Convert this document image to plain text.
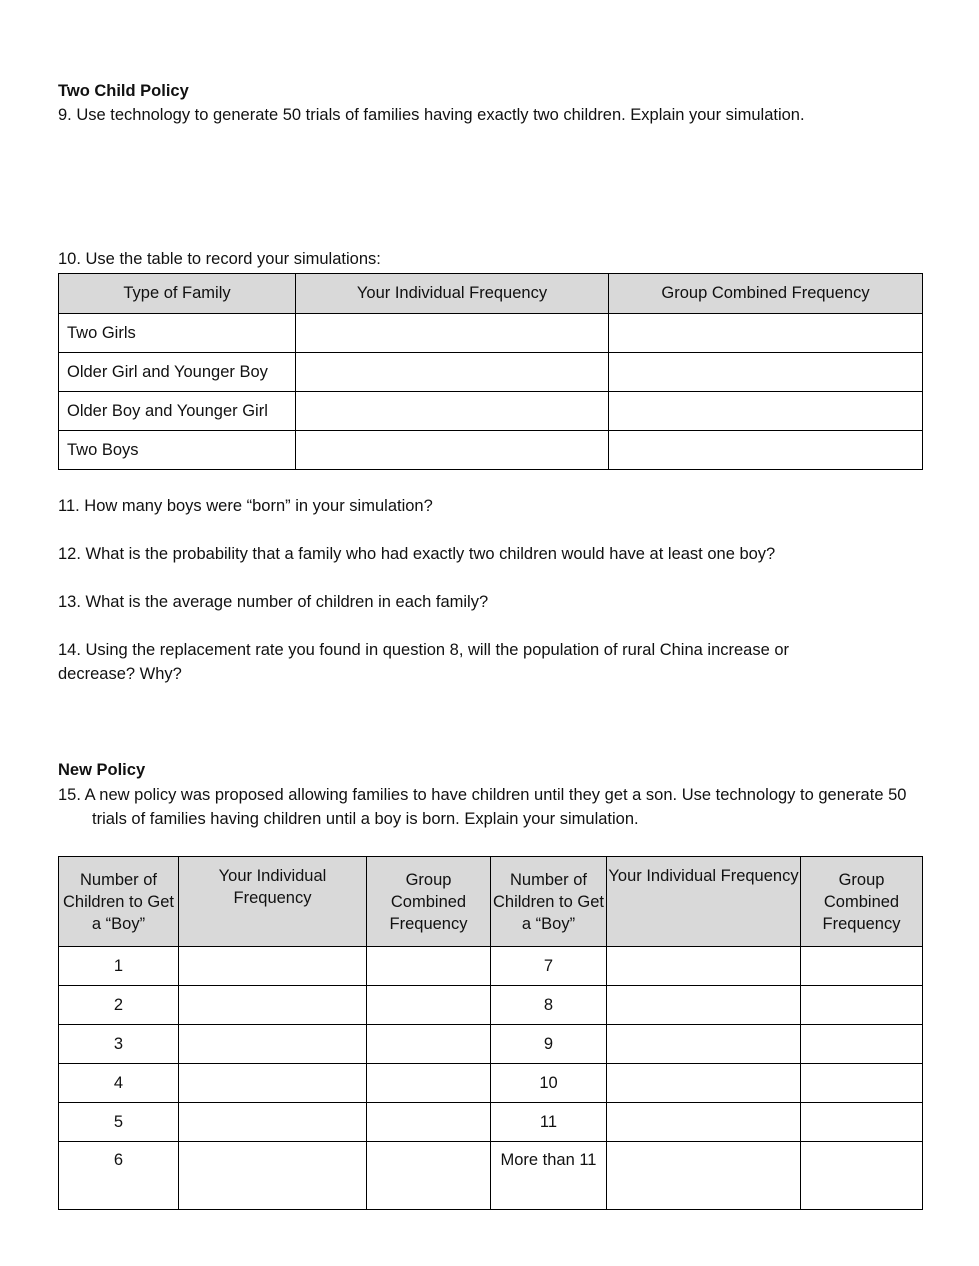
Two Child Policy
9. Use technology to generate 50 trials of families having exactly two children. Explain your simulation.
10. Use the table to record your simulations:
Type of Family	Your Individual Frequency	Group Combined Frequency
Two Girls		
Older Girl and Younger Boy		
Older Boy and Younger Girl		
Two Boys		
11. How many boys were “born” in your simulation?
12. What is the probability that a family who had exactly two children would have at least one boy?
13. What is the average number of children in each family?
14. Using the replacement rate you found in question 8, will the population of rural China increase or
decrease? Why?
New Policy
15. A new policy was proposed allowing families to have children until they get a son. Use technology to generate 50 trials of families having children until a boy is born. Explain your simulation.
Number of Children to Get a “Boy”	Your Individual Frequency	Group Combined Frequency	Number of Children to Get a “Boy”	Your Individual Frequency	Group Combined Frequency
1			7		
2			8		
3			9		
4			10		
5			11		
6			More than 11		
